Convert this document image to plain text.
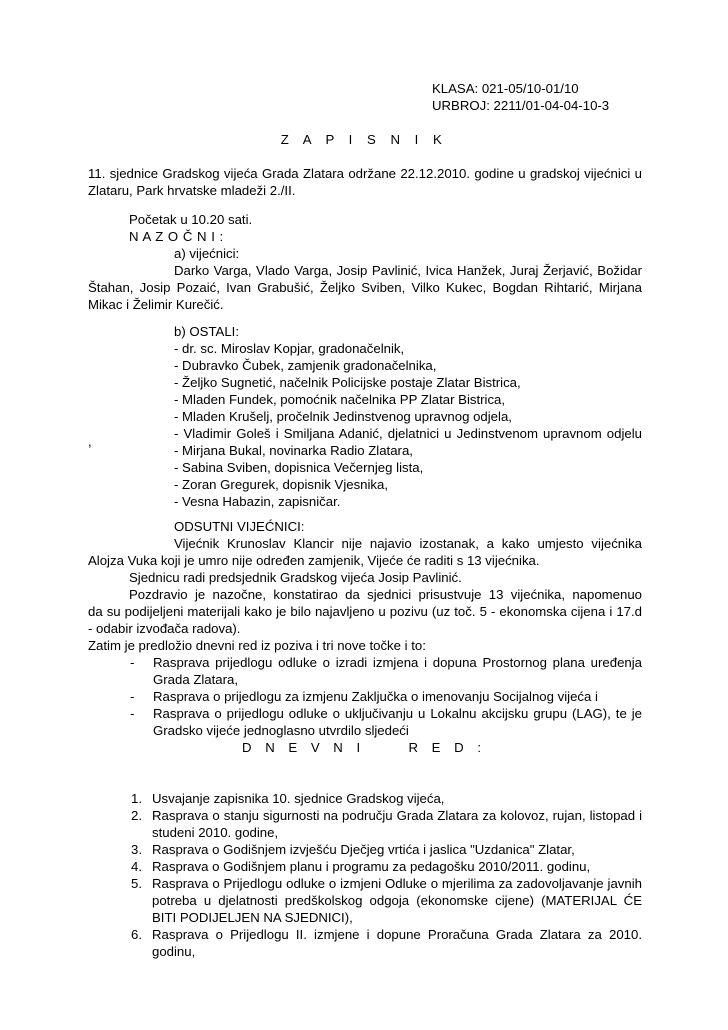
KLASA: 021-05/10-01/10
URBROJ: 2211/01-04-04-10-3
Z A P I S N I K
11. sjednice Gradskog vijeća Grada Zlatara održane 22.12.2010. godine u gradskoj vijećnici u Zlataru, Park hrvatske mladeži 2./II.
Početak u 10.20 sati.
N A Z O Č N I :
a) vijećnici:
Darko Varga, Vlado Varga, Josip Pavlinić, Ivica Hanžek, Juraj Žerjavić, Božidar Štahan, Josip Pozaić, Ivan Grabušić, Željko Sviben, Vilko Kukec, Bogdan Rihtarić, Mirjana Mikac i Želimir Kurečić.
b) OSTALI:
- dr. sc. Miroslav Kopjar, gradonačelnik,
- Dubravko Čubek, zamjenik gradonačelnika,
- Željko Sugnetić, načelnik Policijske postaje Zlatar Bistrica,
- Mladen Fundek, pomoćnik načelnika PP Zlatar Bistrica,
- Mladen Krušelj, pročelnik Jedinstvenog upravnog odjela,
- Vladimir Goleš i Smiljana Adanić, djelatnici u Jedinstvenom upravnom odjelu
,
- Mirjana Bukal, novinarka Radio Zlatara,
- Sabina Sviben, dopisnica Večernjeg lista,
- Zoran Gregurek, dopisnik Vjesnika,
- Vesna Habazin, zapisničar.
ODSUTNI VIJEĆNICI:
Vijećnik Krunoslav Klancir nije najavio izostanak, a kako umjesto vijećnika
Alojza Vuka koji je umro nije određen zamjenik, Vijeće će raditi s 13 vijećnika.
Sjednicu radi predsjednik Gradskog vijeća Josip Pavlinić.
Pozdravio je nazočne, konstatirao da sjednici prisustvuje 13 vijećnika, napomenuo
da su podijeljeni materijali kako je bilo najavljeno u pozivu (uz toč. 5 - ekonomska cijena i 17.d - odabir izvođača radova).
Zatim je predložio dnevni red iz poziva i tri nove točke i to:
- Rasprava prijedlogu odluke o izradi izmjena i dopuna Prostornog plana uređenja Grada Zlatara,
- Rasprava o prijedlogu za izmjenu Zaključka o imenovanju Socijalnog vijeća i
- Rasprava o prijedlogu odluke o uključivanju u Lokalnu akcijsku grupu (LAG), te je Gradsko vijeće jednoglasno utvrdilo sljedeći
D N E V N I     R E D :
1. Usvajanje zapisnika 10. sjednice Gradskog vijeća,
2. Rasprava o stanju sigurnosti na području Grada Zlatara za kolovoz, rujan, listopad i studeni 2010. godine,
3. Rasprava o Godišnjem izvješću Dječjeg vrtića i jaslica "Uzdanica" Zlatar,
4. Rasprava o Godišnjem planu i programu za pedagošku 2010/2011. godinu,
5. Rasprava o Prijedlogu odluke o izmjeni Odluke o mjerilima za zadovoljavanje javnih potreba u djelatnosti predškolskog odgoja (ekonomske cijene) (MATERIJAL ĆE BITI PODIJELJEN NA SJEDNICI),
6. Rasprava o Prijedlogu II. izmjene i dopune Proračuna Grada Zlatara za 2010. godinu,
